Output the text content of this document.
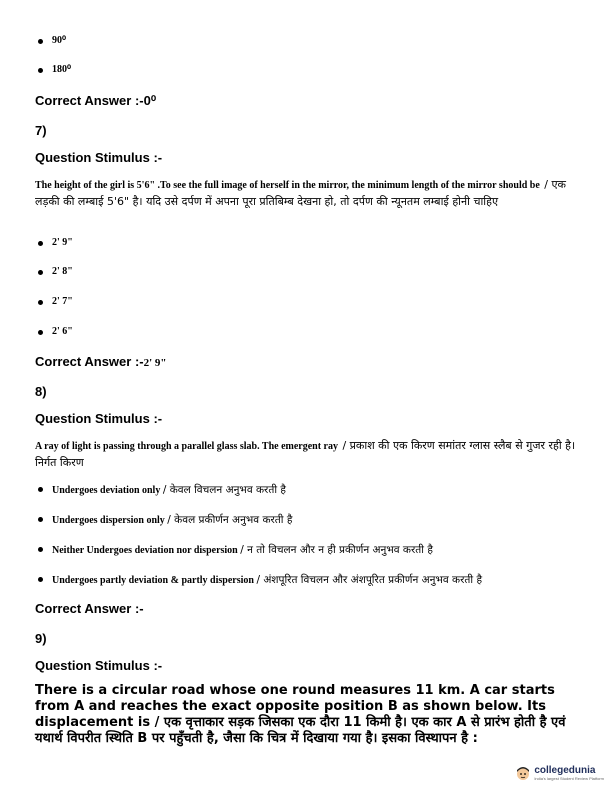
90⁰
180⁰
Correct Answer :-0⁰
7)
Question Stimulus :-
The height of the girl is 5'6" .To see the full image of herself in the mirror, the minimum length of the mirror should be / एक लड़की की लम्बाई 5'6" है। यदि उसे दर्पण में अपना पूरा प्रतिबिम्ब देखना हो, तो दर्पण की न्यूनतम लम्बाई होनी चाहिए
2' 9"
2' 8"
2' 7"
2' 6"
Correct Answer :-2' 9"
8)
Question Stimulus :-
A ray of light is passing through a parallel glass slab. The emergent ray / प्रकाश की एक किरण समांतर ग्लास स्लैब से गुजर रही है। निर्गत किरण
Undergoes deviation only / केवल विचलन अनुभव करती है
Undergoes dispersion only / केवल प्रकीर्णन अनुभव करती है
Neither Undergoes deviation nor dispersion / न तो विचलन और न ही प्रकीर्णन अनुभव करती है
Undergoes partly deviation & partly dispersion / अंशपूरित विचलन और अंशपूरित प्रकीर्णन अनुभव करती है
Correct Answer :-
9)
Question Stimulus :-
There is a circular road whose one round measures 11 km. A car starts from A and reaches the exact opposite position B as shown below. Its displacement is / एक वृत्ताकार सड़क जिसका एक दौरा 11 किमी है। एक कार A से प्रारंभ होती है एवं यथार्थ विपरीत स्थिति B पर पहुँचती है, जैसा कि चित्र में दिखाया गया है। इसका विस्थापन है :
collegedunia
India's largest Student Review Platform
